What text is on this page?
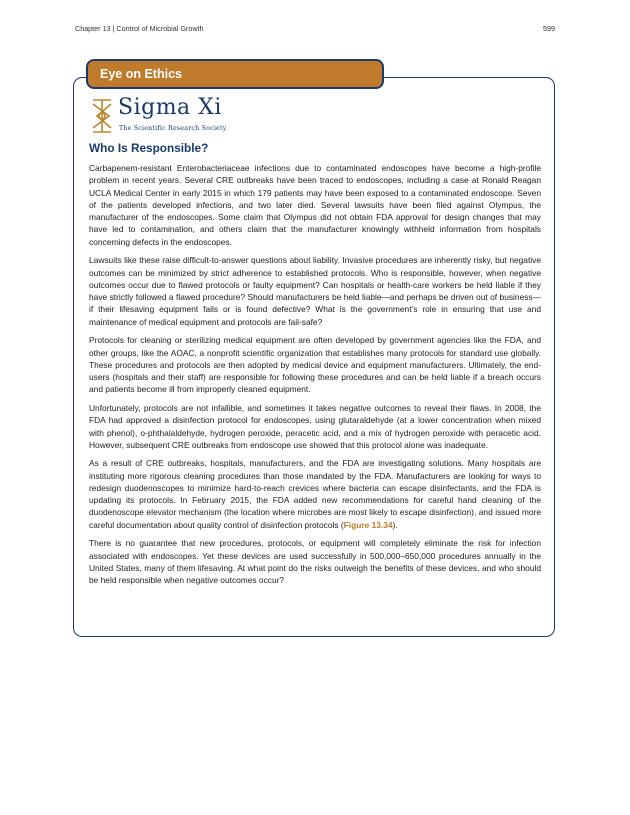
Chapter 13 | Control of Microbial Growth	599
Eye on Ethics
Sigma Xi
The Scientific Research Society
Who Is Responsible?

Carbapenem-resistant Enterobacteriaceae infections due to contaminated endoscopes have become a high-profile problem in recent years. Several CRE outbreaks have been traced to endoscopes, including a case at Ronald Reagan UCLA Medical Center in early 2015 in which 179 patients may have been exposed to a contaminated endoscope. Seven of the patients developed infections, and two later died. Several lawsuits have been filed against Olympus, the manufacturer of the endoscopes. Some claim that Olympus did not obtain FDA approval for design changes that may have led to contamination, and others claim that the manufacturer knowingly withheld information from hospitals concerning defects in the endoscopes.

Lawsuits like these raise difficult-to-answer questions about liability. Invasive procedures are inherently risky, but negative outcomes can be minimized by strict adherence to established protocols. Who is responsible, however, when negative outcomes occur due to flawed protocols or faulty equipment? Can hospitals or health-care workers be held liable if they have strictly followed a flawed procedure? Should manufacturers be held liable—and perhaps be driven out of business—if their lifesaving equipment fails or is found defective? What is the government’s role in ensuring that use and maintenance of medical equipment and protocols are fail-safe?

Protocols for cleaning or sterilizing medical equipment are often developed by government agencies like the FDA, and other groups, like the AOAC, a nonprofit scientific organization that establishes many protocols for standard use globally. These procedures and protocols are then adopted by medical device and equipment manufacturers. Ultimately, the end-users (hospitals and their staff) are responsible for following these procedures and can be held liable if a breach occurs and patients become ill from improperly cleaned equipment.

Unfortunately, protocols are not infallible, and sometimes it takes negative outcomes to reveal their flaws. In 2008, the FDA had approved a disinfection protocol for endoscopes, using glutaraldehyde (at a lower concentration when mixed with phenol), o-phthalaldehyde, hydrogen peroxide, peracetic acid, and a mix of hydrogen peroxide with peracetic acid. However, subsequent CRE outbreaks from endoscope use showed that this protocol alone was inadequate.

As a result of CRE outbreaks, hospitals, manufacturers, and the FDA are investigating solutions. Many hospitals are instituting more rigorous cleaning procedures than those mandated by the FDA. Manufacturers are looking for ways to redesign duodenoscopes to minimize hard-to-reach crevices where bacteria can escape disinfectants, and the FDA is updating its protocols. In February 2015, the FDA added new recommendations for careful hand cleaning of the duodenoscope elevator mechanism (the location where microbes are most likely to escape disinfection), and issued more careful documentation about quality control of disinfection protocols (Figure 13.34).

There is no guarantee that new procedures, protocols, or equipment will completely eliminate the risk for infection associated with endoscopes. Yet these devices are used successfully in 500,000–650,000 procedures annually in the United States, many of them lifesaving. At what point do the risks outweigh the benefits of these devices, and who should be held responsible when negative outcomes occur?
